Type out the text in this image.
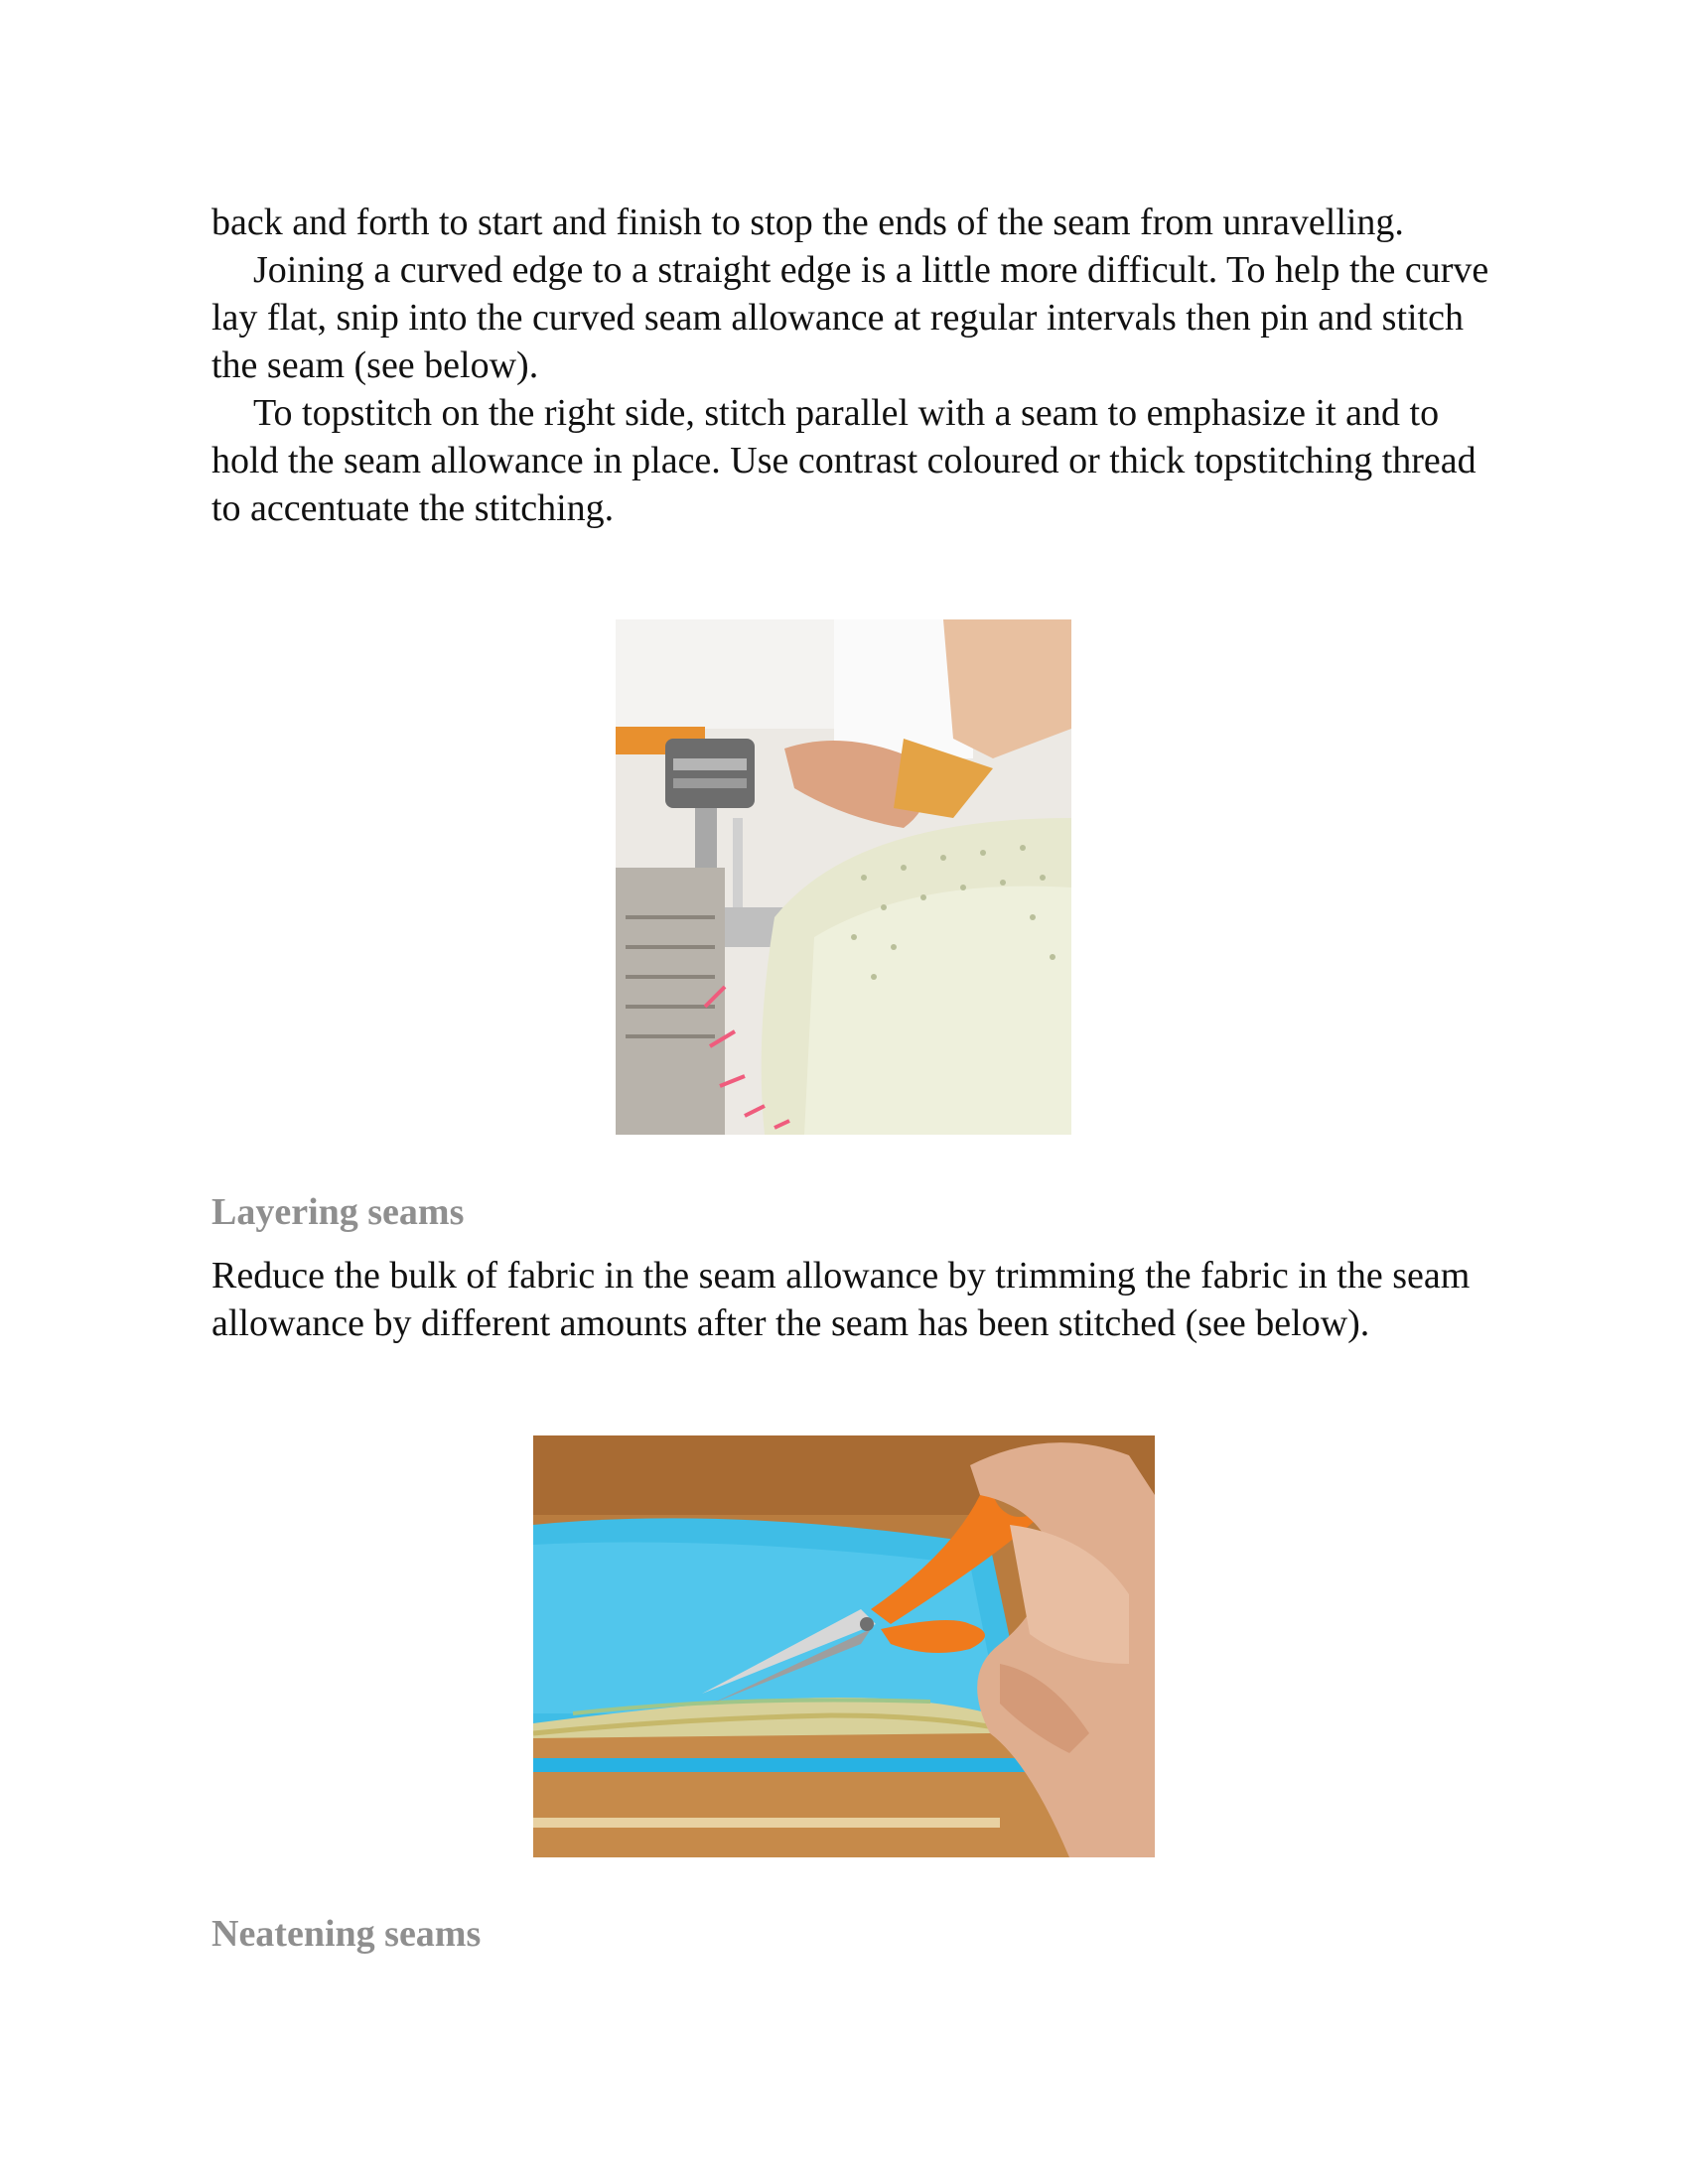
back and forth to start and finish to stop the ends of the seam from unravelling.

Joining a curved edge to a straight edge is a little more difficult. To help the curve lay flat, snip into the curved seam allowance at regular intervals then pin and stitch the seam (see below).

To topstitch on the right side, stitch parallel with a seam to emphasize it and to hold the seam allowance in place. Use contrast coloured or thick topstitching thread to accentuate the stitching.

Layering seams

Reduce the bulk of fabric in the seam allowance by trimming the fabric in the seam allowance by different amounts after the seam has been stitched (see below).

Neatening seams
